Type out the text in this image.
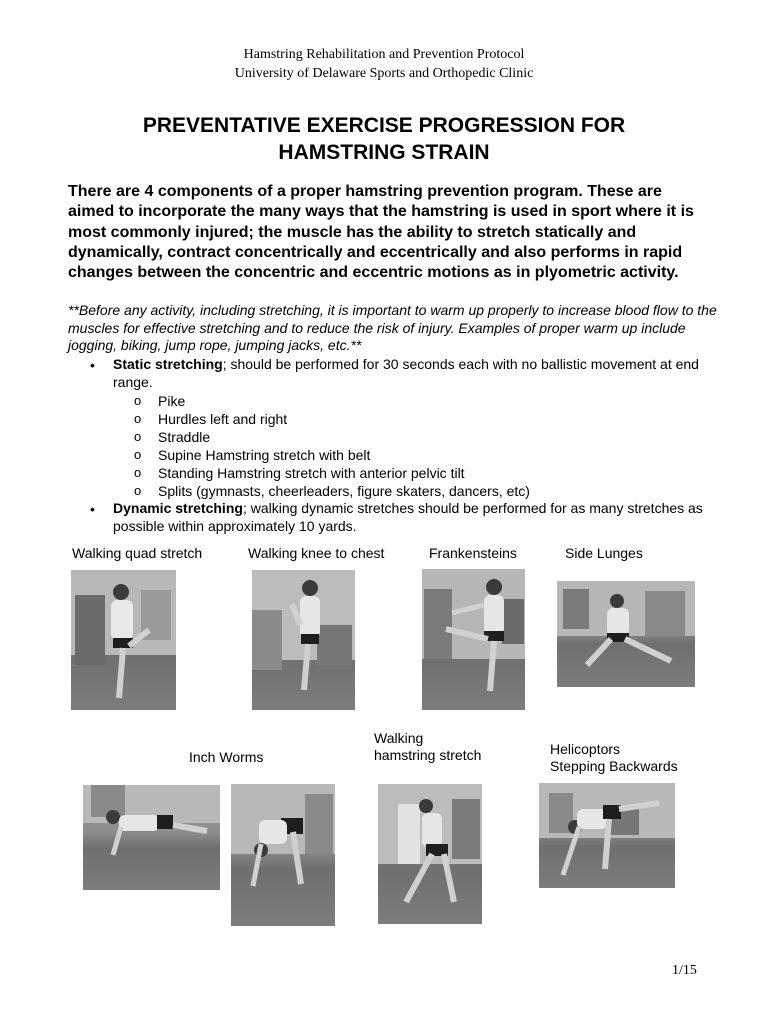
Hamstring Rehabilitation and Prevention Protocol
University of Delaware Sports and Orthopedic Clinic
PREVENTATIVE EXERCISE PROGRESSION FOR
HAMSTRING STRAIN
There are 4 components of a proper hamstring prevention program. These are aimed to incorporate the many ways that the hamstring is used in sport where it is most commonly injured; the muscle has the ability to stretch statically and dynamically, contract concentrically and eccentrically and also performs in rapid changes between the concentric and eccentric motions as in plyometric activity.
**Before any activity, including stretching, it is important to warm up properly to increase blood flow to the muscles for effective stretching and to reduce the risk of injury. Examples of proper warm up include jogging, biking, jump rope, jumping jacks, etc.**
• Static stretching; should be performed for 30 seconds each with no ballistic movement at end range.
o	Pike
o	Hurdles left and right
o	Straddle
o	Supine Hamstring stretch with belt
o	Standing Hamstring stretch with anterior pelvic tilt
o	Splits (gymnasts, cheerleaders, figure skaters, dancers, etc)
• Dynamic stretching; walking dynamic stretches should be performed for as many stretches as possible within approximately 10 yards.
Walking quad stretch	Walking knee to chest	Frankensteins	Side Lunges
Inch Worms
Walking
hamstring stretch	Helicoptors
Stepping Backwards
1/15
